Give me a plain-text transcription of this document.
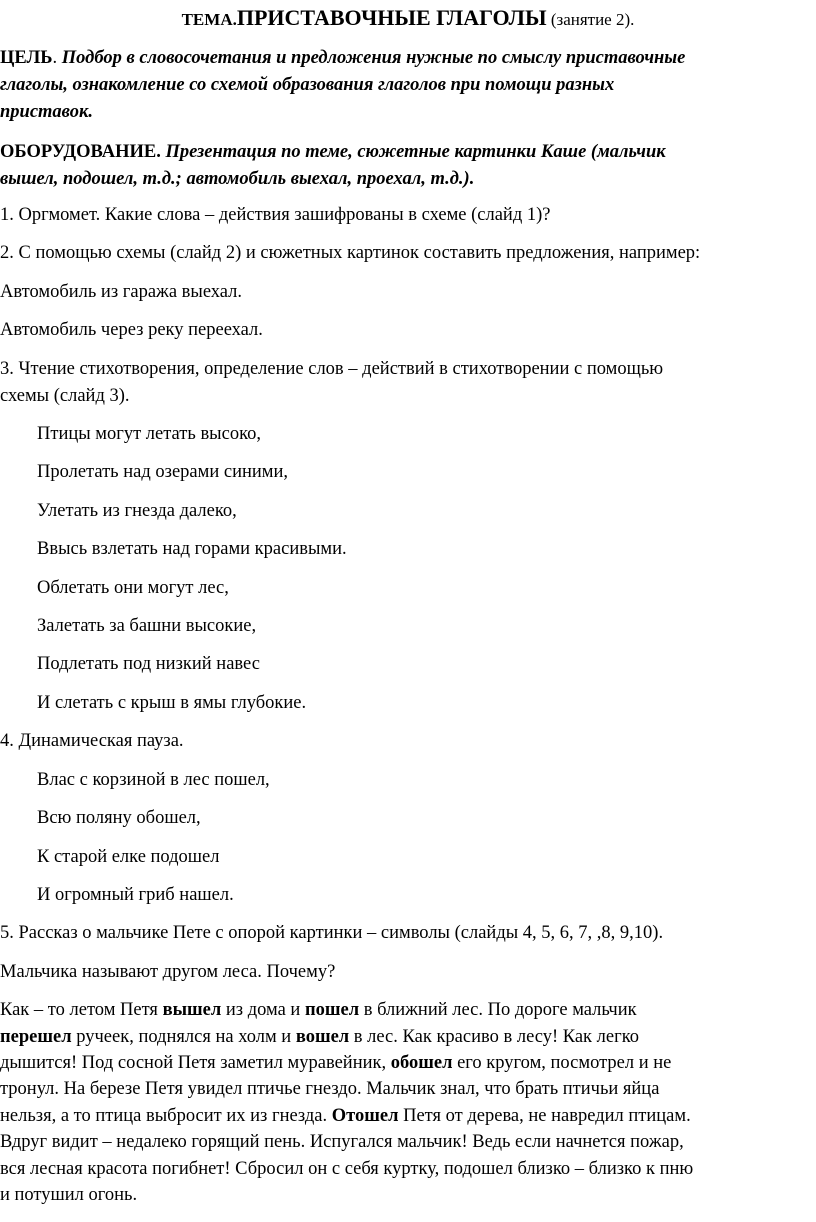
ТЕМА.ПРИСТАВОЧНЫЕ ГЛАГОЛЫ (занятие 2).
ЦЕЛЬ. Подбор в словосочетания и предложения нужные по смыслу приставочные
глаголы, ознакомление со схемой образования глаголов при помощи разных
приставок.
ОБОРУДОВАНИЕ. Презентация по теме, сюжетные картинки Каше (мальчик
вышел, подошел, т.д.; автомобиль выехал, проехал, т.д.).
1. Оргмомет. Какие слова – действия зашифрованы в схеме (слайд 1)?
2. С помощью схемы (слайд 2) и сюжетных картинок составить предложения, например:
Автомобиль из гаража выехал.
Автомобиль через реку переехал.
3. Чтение стихотворения, определение слов – действий в стихотворении с помощью
схемы (слайд 3).
Птицы могут летать высоко,
Пролетать над озерами синими,
Улетать из гнезда далеко,
Ввысь взлетать над горами красивыми.
Облетать они могут лес,
Залетать за башни высокие,
Подлетать под низкий навес
И слетать с крыш в ямы глубокие.
4. Динамическая пауза.
Влас с корзиной в лес пошел,
Всю поляну обошел,
К старой елке подошел
И огромный гриб нашел.
5. Рассказ о мальчике Пете с опорой картинки – символы (слайды 4, 5, 6, 7, ,8, 9,10).
Мальчика называют другом леса. Почему?
Как – то летом Петя вышел из дома и пошел в ближний лес. По дороге мальчик
перешел ручеек, поднялся на холм и вошел в лес. Как красиво в лесу! Как легко
дышится! Под сосной Петя заметил муравейник, обошел его кругом, посмотрел и не
тронул. На березе Петя увидел птичье гнездо. Мальчик знал, что брать птичьи яйца
нельзя, а то птица выбросит их из гнезда. Отошел Петя от дерева, не навредил птицам.
Вдруг видит – недалеко горящий пень. Испугался мальчик! Ведь если начнется пожар,
вся лесная красота погибнет! Сбросил он с себя куртку, подошел близко – близко к пню
и потушил огонь.
